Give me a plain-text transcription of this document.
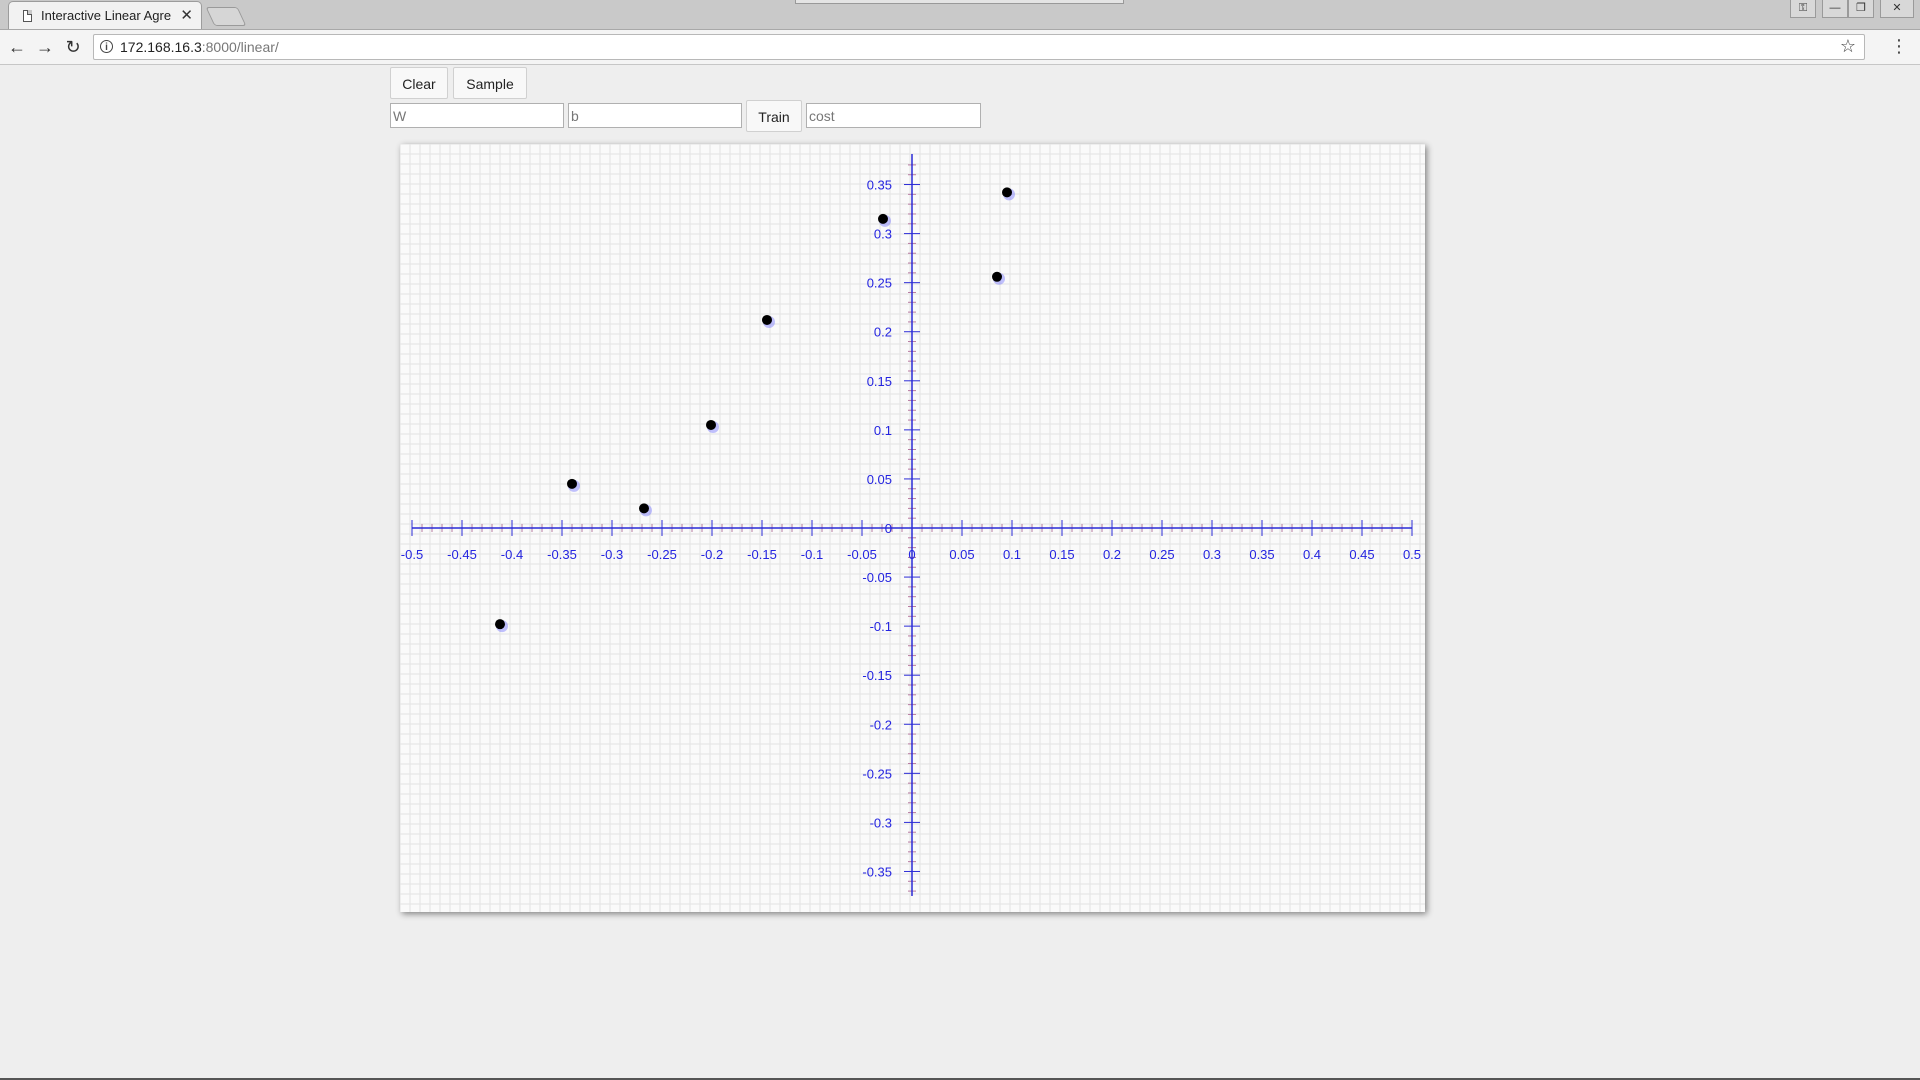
Interactive Linear Agre ✕	⚿	—	❐	✕
← → ↻	i 172.168.16.3:8000/linear/	☆ ⋮
Clear	Sample
W
b
Train
cost
-0.5 -0.45 -0.4 -0.35 -0.3 -0.25 -0.2 -0.15 -0.1 -0.05 0	0.05 0.1 0.15 0.2 0.25 0.3 0.35 0.4 0.45 0.5
0.35
0.3
0.25
0.2
0.15
0.1
0.05
-0.05
-0.1
-0.15
-0.2
-0.25
-0.3
-0.35
0
